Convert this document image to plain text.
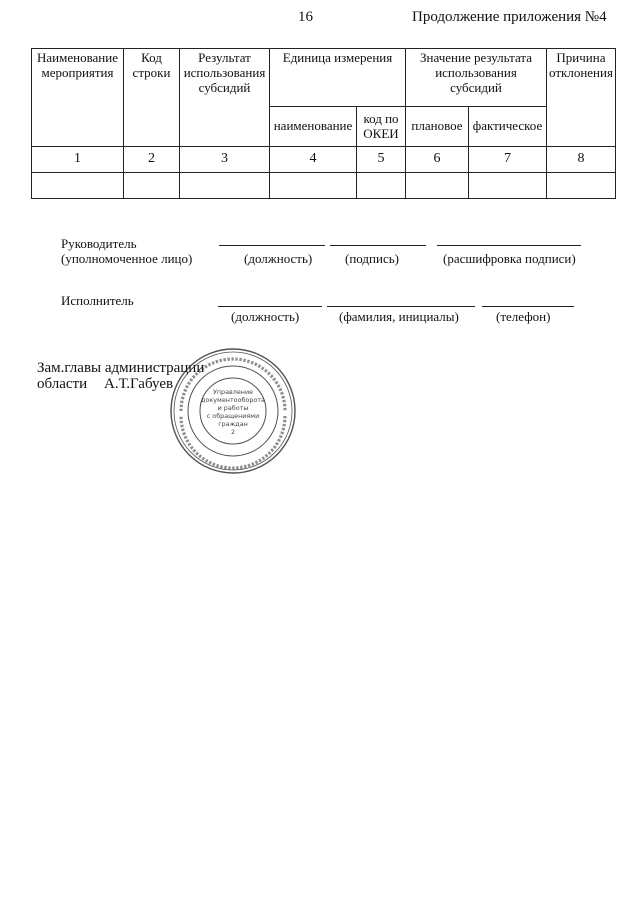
16	Продолжение приложения №4
Наименование мероприятия	Код строки	Результат использования субсидий	Единица измерения		Значение результата использования субсидий		Причина отклонения
			наименование	код по ОКЕИ	плановое	фактическое	
1	2	3	4	5	6	7	8

Руководитель
(уполномоченное лицо)	(должность)	(подпись)	(расшифровка подписи)
Исполнитель
(должность)	(фамилия, инициалы)	(телефон)
Зам.главы администрации
области А.Т.Габуев	Управление
документооборота
и работы
с обращениями
граждан
2
